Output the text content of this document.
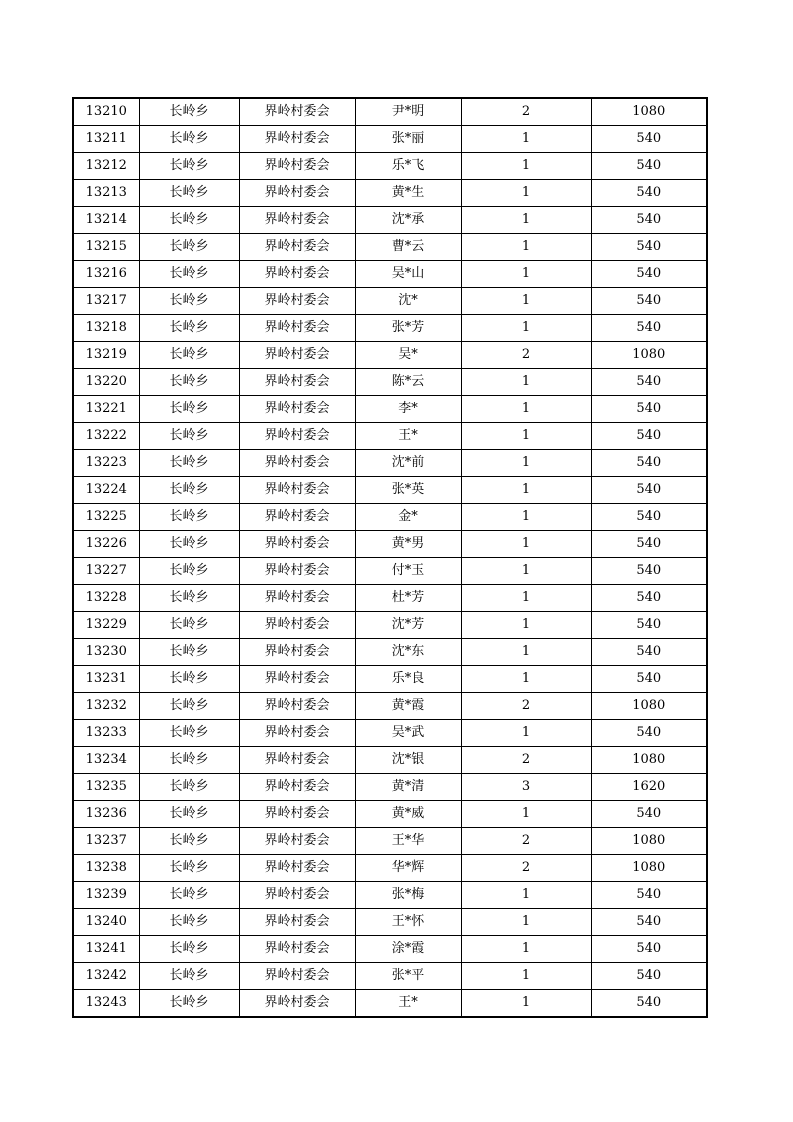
13210	长岭乡	界岭村委会	尹*明	2	1080
13211	长岭乡	界岭村委会	张*丽	1	540
13212	长岭乡	界岭村委会	乐*飞	1	540
13213	长岭乡	界岭村委会	黄*生	1	540
13214	长岭乡	界岭村委会	沈*承	1	540
13215	长岭乡	界岭村委会	曹*云	1	540
13216	长岭乡	界岭村委会	吴*山	1	540
13217	长岭乡	界岭村委会	沈*	1	540
13218	长岭乡	界岭村委会	张*芳	1	540
13219	长岭乡	界岭村委会	吴*	2	1080
13220	长岭乡	界岭村委会	陈*云	1	540
13221	长岭乡	界岭村委会	李*	1	540
13222	长岭乡	界岭村委会	王*	1	540
13223	长岭乡	界岭村委会	沈*前	1	540
13224	长岭乡	界岭村委会	张*英	1	540
13225	长岭乡	界岭村委会	金*	1	540
13226	长岭乡	界岭村委会	黄*男	1	540
13227	长岭乡	界岭村委会	付*玉	1	540
13228	长岭乡	界岭村委会	杜*芳	1	540
13229	长岭乡	界岭村委会	沈*芳	1	540
13230	长岭乡	界岭村委会	沈*东	1	540
13231	长岭乡	界岭村委会	乐*良	1	540
13232	长岭乡	界岭村委会	黄*霞	2	1080
13233	长岭乡	界岭村委会	吴*武	1	540
13234	长岭乡	界岭村委会	沈*银	2	1080
13235	长岭乡	界岭村委会	黄*清	3	1620
13236	长岭乡	界岭村委会	黄*威	1	540
13237	长岭乡	界岭村委会	王*华	2	1080
13238	长岭乡	界岭村委会	华*辉	2	1080
13239	长岭乡	界岭村委会	张*梅	1	540
13240	长岭乡	界岭村委会	王*怀	1	540
13241	长岭乡	界岭村委会	涂*霞	1	540
13242	长岭乡	界岭村委会	张*平	1	540
13243	长岭乡	界岭村委会	王*	1	540
